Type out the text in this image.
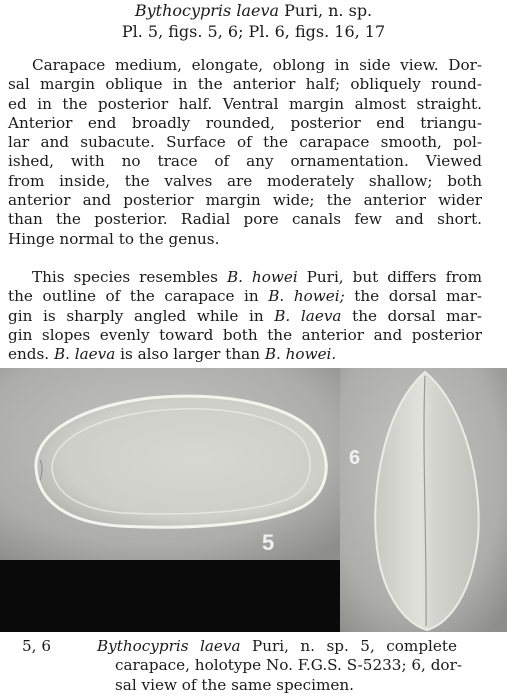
Bythocypris laeva Puri, n. sp.

Pl. 5, figs. 5, 6; Pl. 6, figs. 16, 17

Carapace medium, elongate, oblong in side view. Dor-
sal margin oblique in the anterior half; obliquely round-
ed in the posterior half. Ventral margin almost straight.
Anterior end broadly rounded, posterior end triangu-
lar and subacute. Surface of the carapace smooth, pol-
ished, with no trace of any ornamentation. Viewed
from inside, the valves are moderately shallow; both
anterior and posterior margin wide; the anterior wider
than the posterior. Radial pore canals few and short.
Hinge normal to the genus.

This species resembles B. howei Puri, but differs from
the outline of the carapace in B. howei; the dorsal mar-
gin is sharply angled while in B. laeva the dorsal mar-
gin slopes evenly toward both the anterior and posterior
ends. B. laeva is also larger than B. howei.

5
6
5, 6	Bythocypris laeva Puri, n. sp. 5, complete
carapace, holotype No. F.G.S. S-5233; 6, dor-
sal view of the same specimen.
